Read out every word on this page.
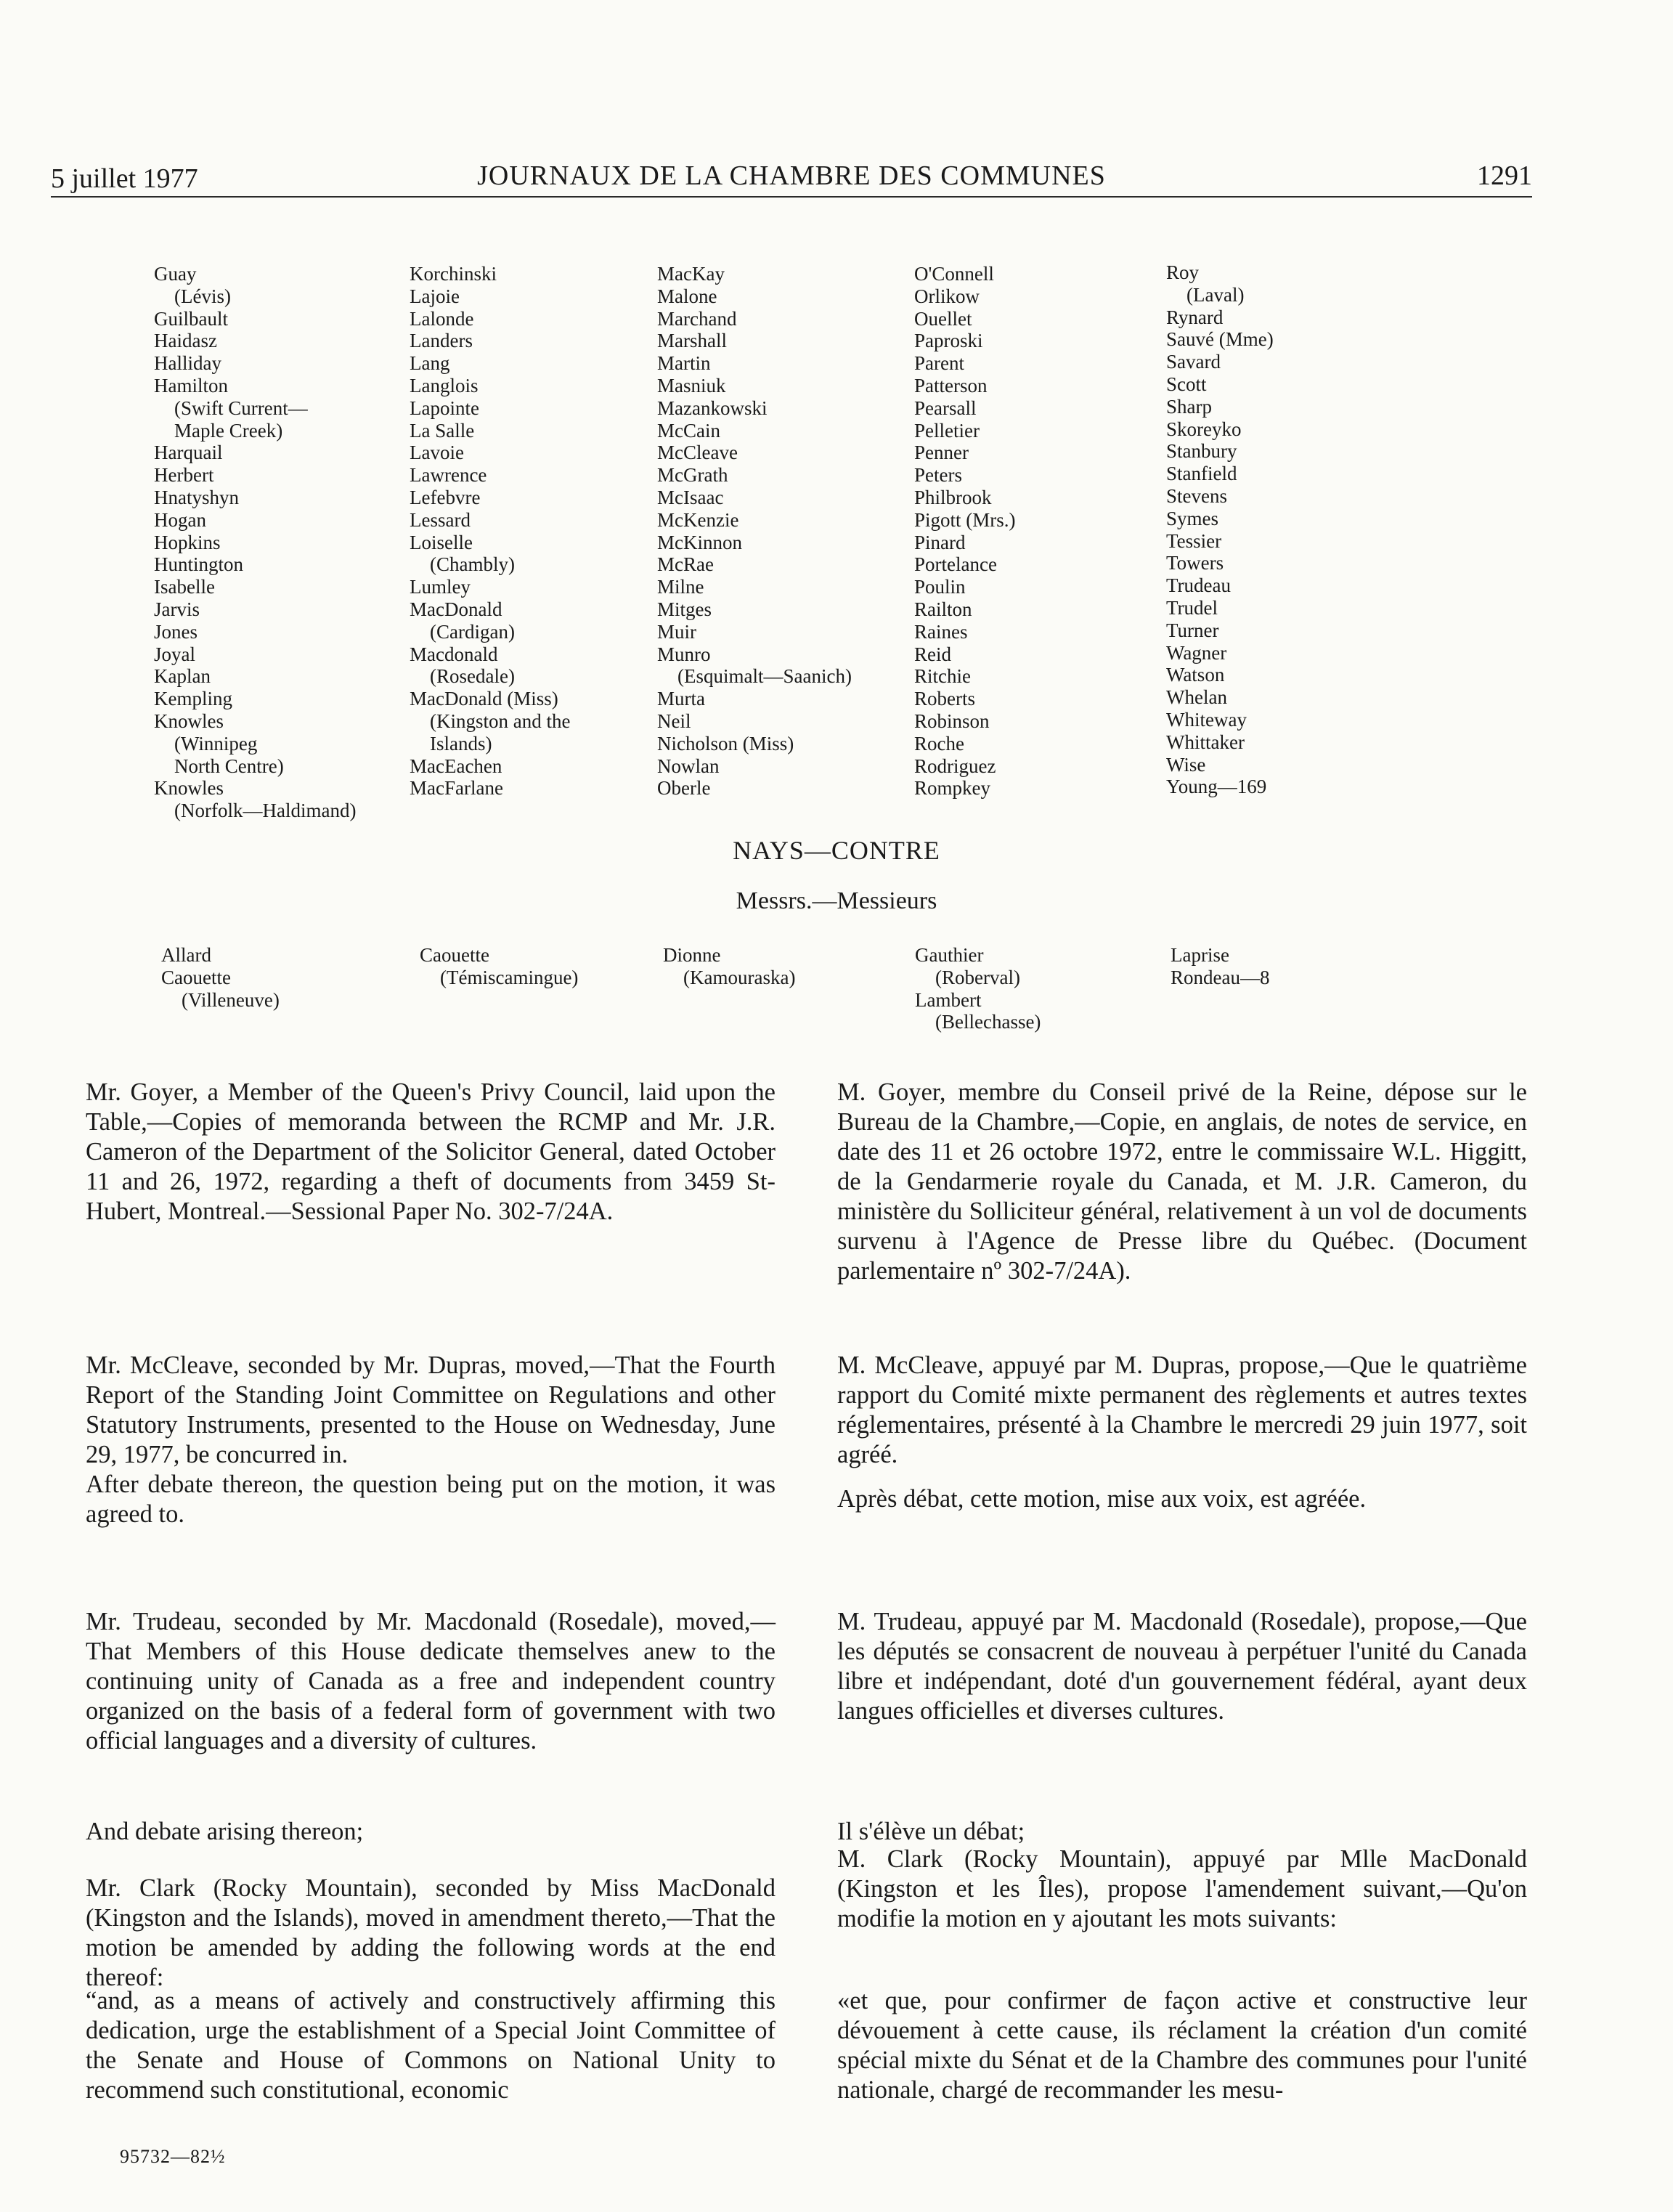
5 juillet 1977	JOURNAUX DE LA CHAMBRE DES COMMUNES	1291
Guay
(Lévis)
Guilbault
Haidasz
Halliday
Hamilton
(Swift Current—
Maple Creek)
Harquail
Herbert
Hnatyshyn
Hogan
Hopkins
Huntington
Isabelle
Jarvis
Jones
Joyal
Kaplan
Kempling
Knowles
(Winnipeg
North Centre)
Knowles
(Norfolk—Haldimand)
Korchinski
Lajoie
Lalonde
Landers
Lang
Langlois
Lapointe
La Salle
Lavoie
Lawrence
Lefebvre
Lessard
Loiselle
(Chambly)
Lumley
MacDonald
(Cardigan)
Macdonald
(Rosedale)
MacDonald (Miss)
(Kingston and the
Islands)
MacEachen
MacFarlane
MacKay
Malone
Marchand
Marshall
Martin
Masniuk
Mazankowski
McCain
McCleave
McGrath
McIsaac
McKenzie
McKinnon
McRae
Milne
Mitges
Muir
Munro
(Esquimalt—Saanich)
Murta
Neil
Nicholson (Miss)
Nowlan
Oberle
O'Connell
Orlikow
Ouellet
Paproski
Parent
Patterson
Pearsall
Pelletier
Penner
Peters
Philbrook
Pigott (Mrs.)
Pinard
Portelance
Poulin
Railton
Raines
Reid
Ritchie
Roberts
Robinson
Roche
Rodriguez
Rompkey
Roy
(Laval)
Rynard
Sauvé (Mme)
Savard
Scott
Sharp
Skoreyko
Stanbury
Stanfield
Stevens
Symes
Tessier
Towers
Trudeau
Trudel
Turner
Wagner
Watson
Whelan
Whiteway
Whittaker
Wise
Young—169
NAYS—CONTRE
Messrs.—Messieurs
Allard
Caouette
(Villeneuve)
Caouette
(Témiscamingue)
Dionne
(Kamouraska)
Gauthier
(Roberval)
Lambert
(Bellechasse)
Laprise
Rondeau—8

Mr. Goyer, a Member of the Queen's Privy Council, laid upon the Table,—Copies of memoranda between the RCMP and Mr. J.R. Cameron of the Department of the Solicitor General, dated October 11 and 26, 1972, regarding a theft of documents from 3459 St-Hubert, Montreal.—Sessional Paper No. 302-7/24A.

Mr. McCleave, seconded by Mr. Dupras, moved,—That the Fourth Report of the Standing Joint Committee on Regulations and other Statutory Instruments, presented to the House on Wednesday, June 29, 1977, be concurred in.

After debate thereon, the question being put on the motion, it was agreed to.

Mr. Trudeau, seconded by Mr. Macdonald (Rosedale), moved,—That Members of this House dedicate themselves anew to the continuing unity of Canada as a free and independent country organized on the basis of a federal form of government with two official languages and a diversity of cultures.

And debate arising thereon;

Mr. Clark (Rocky Mountain), seconded by Miss MacDonald (Kingston and the Islands), moved in amendment thereto,—That the motion be amended by adding the following words at the end thereof:

“and, as a means of actively and constructively affirming this dedication, urge the establishment of a Special Joint Committee of the Senate and House of Commons on National Unity to recommend such constitutional, economic

M. Goyer, membre du Conseil privé de la Reine, dépose sur le Bureau de la Chambre,—Copie, en anglais, de notes de service, en date des 11 et 26 octobre 1972, entre le commissaire W.L. Higgitt, de la Gendarmerie royale du Canada, et M. J.R. Cameron, du ministère du Solliciteur général, relativement à un vol de documents survenu à l'Agence de Presse libre du Québec. (Document parlementaire nº 302-7/24A).

M. McCleave, appuyé par M. Dupras, propose,—Que le quatrième rapport du Comité mixte permanent des règlements et autres textes réglementaires, présenté à la Chambre le mercredi 29 juin 1977, soit agréé.

Après débat, cette motion, mise aux voix, est agréée.

M. Trudeau, appuyé par M. Macdonald (Rosedale), propose,—Que les députés se consacrent de nouveau à perpétuer l'unité du Canada libre et indépendant, doté d'un gouvernement fédéral, ayant deux langues officielles et diverses cultures.

Il s'élève un débat;

M. Clark (Rocky Mountain), appuyé par Mlle MacDonald (Kingston et les Îles), propose l'amendement suivant,—Qu'on modifie la motion en y ajoutant les mots suivants:

«et que, pour confirmer de façon active et constructive leur dévouement à cette cause, ils réclament la création d'un comité spécial mixte du Sénat et de la Chambre des communes pour l'unité nationale, chargé de recommander les mesu-

95732—82½
